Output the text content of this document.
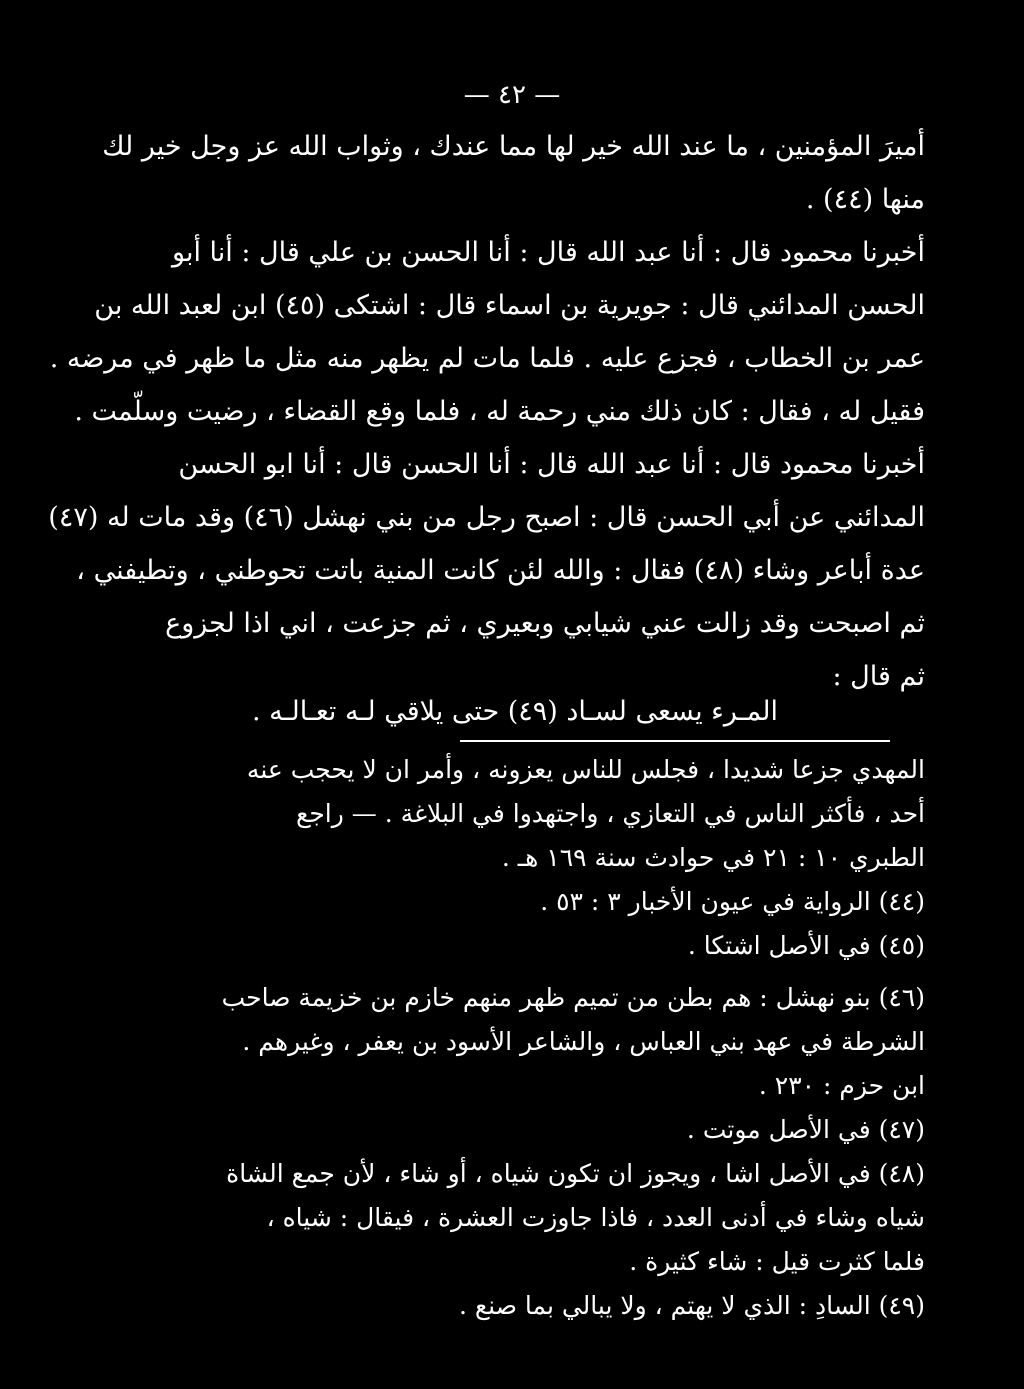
— ٤٢ —
أميرَ المؤمنين ، ما عند الله خير لها مما عندك ، وثواب الله عز وجل خير لك
منها (٤٤) .
أخبرنا محمود قال : أنا عبد الله قال : أنا الحسن بن علي قال : أنا أبو
الحسن المدائني قال : جويرية بن اسماء قال : اشتكى (٤٥) ابن لعبد الله بن
عمر بن الخطاب ، فجزع عليه . فلما مات لم يظهر منه مثل ما ظهر في مرضه .
فقيل له ، فقال : كان ذلك مني رحمة له ، فلما وقع القضاء ، رضيت وسلّمت .
أخبرنا محمود قال : أنا عبد الله قال : أنا الحسن قال : أنا ابو الحسن
المدائني عن أبي الحسن قال : اصبح رجل من بني نهشل (٤٦) وقد مات له (٤٧)
عدة أباعر وشاء (٤٨) فقال : والله لئن كانت المنية باتت تحوطني ، وتطيفني ،
ثم اصبحت وقد زالت عني شيابي وبعيري ، ثم جزعت ، اني اذا لجزوع
ثم قال :
المـرء يسعى لسـاد (٤٩) حتى يلاقي لـه تعـالـه .
المهدي جزعا شديدا ، فجلس للناس يعزونه ، وأمر ان لا يحجب عنه
أحد ، فأكثر الناس في التعازي ، واجتهدوا في البلاغة . — راجع
الطبري ١٠ : ٢١ في حوادث سنة ١٦٩ هـ .
(٤٤) الرواية في عيون الأخبار ٣ : ٥٣ .
(٤٥) في الأصل اشتكا .
(٤٦) بنو نهشل : هم بطن من تميم ظهر منهم خازم بن خزيمة صاحب
الشرطة في عهد بني العباس ، والشاعر الأسود بن يعفر ، وغيرهم .
ابن حزم : ٢٣٠ .
(٤٧) في الأصل موتت .
(٤٨) في الأصل اشا ، ويجوز ان تكون شياه ، أو شاء ، لأن جمع الشاة
شياه وشاء في أدنى العدد ، فاذا جاوزت العشرة ، فيقال : شياه ،
فلما كثرت قيل : شاء كثيرة .
(٤٩) السادِ : الذي لا يهتم ، ولا يبالي بما صنع .
